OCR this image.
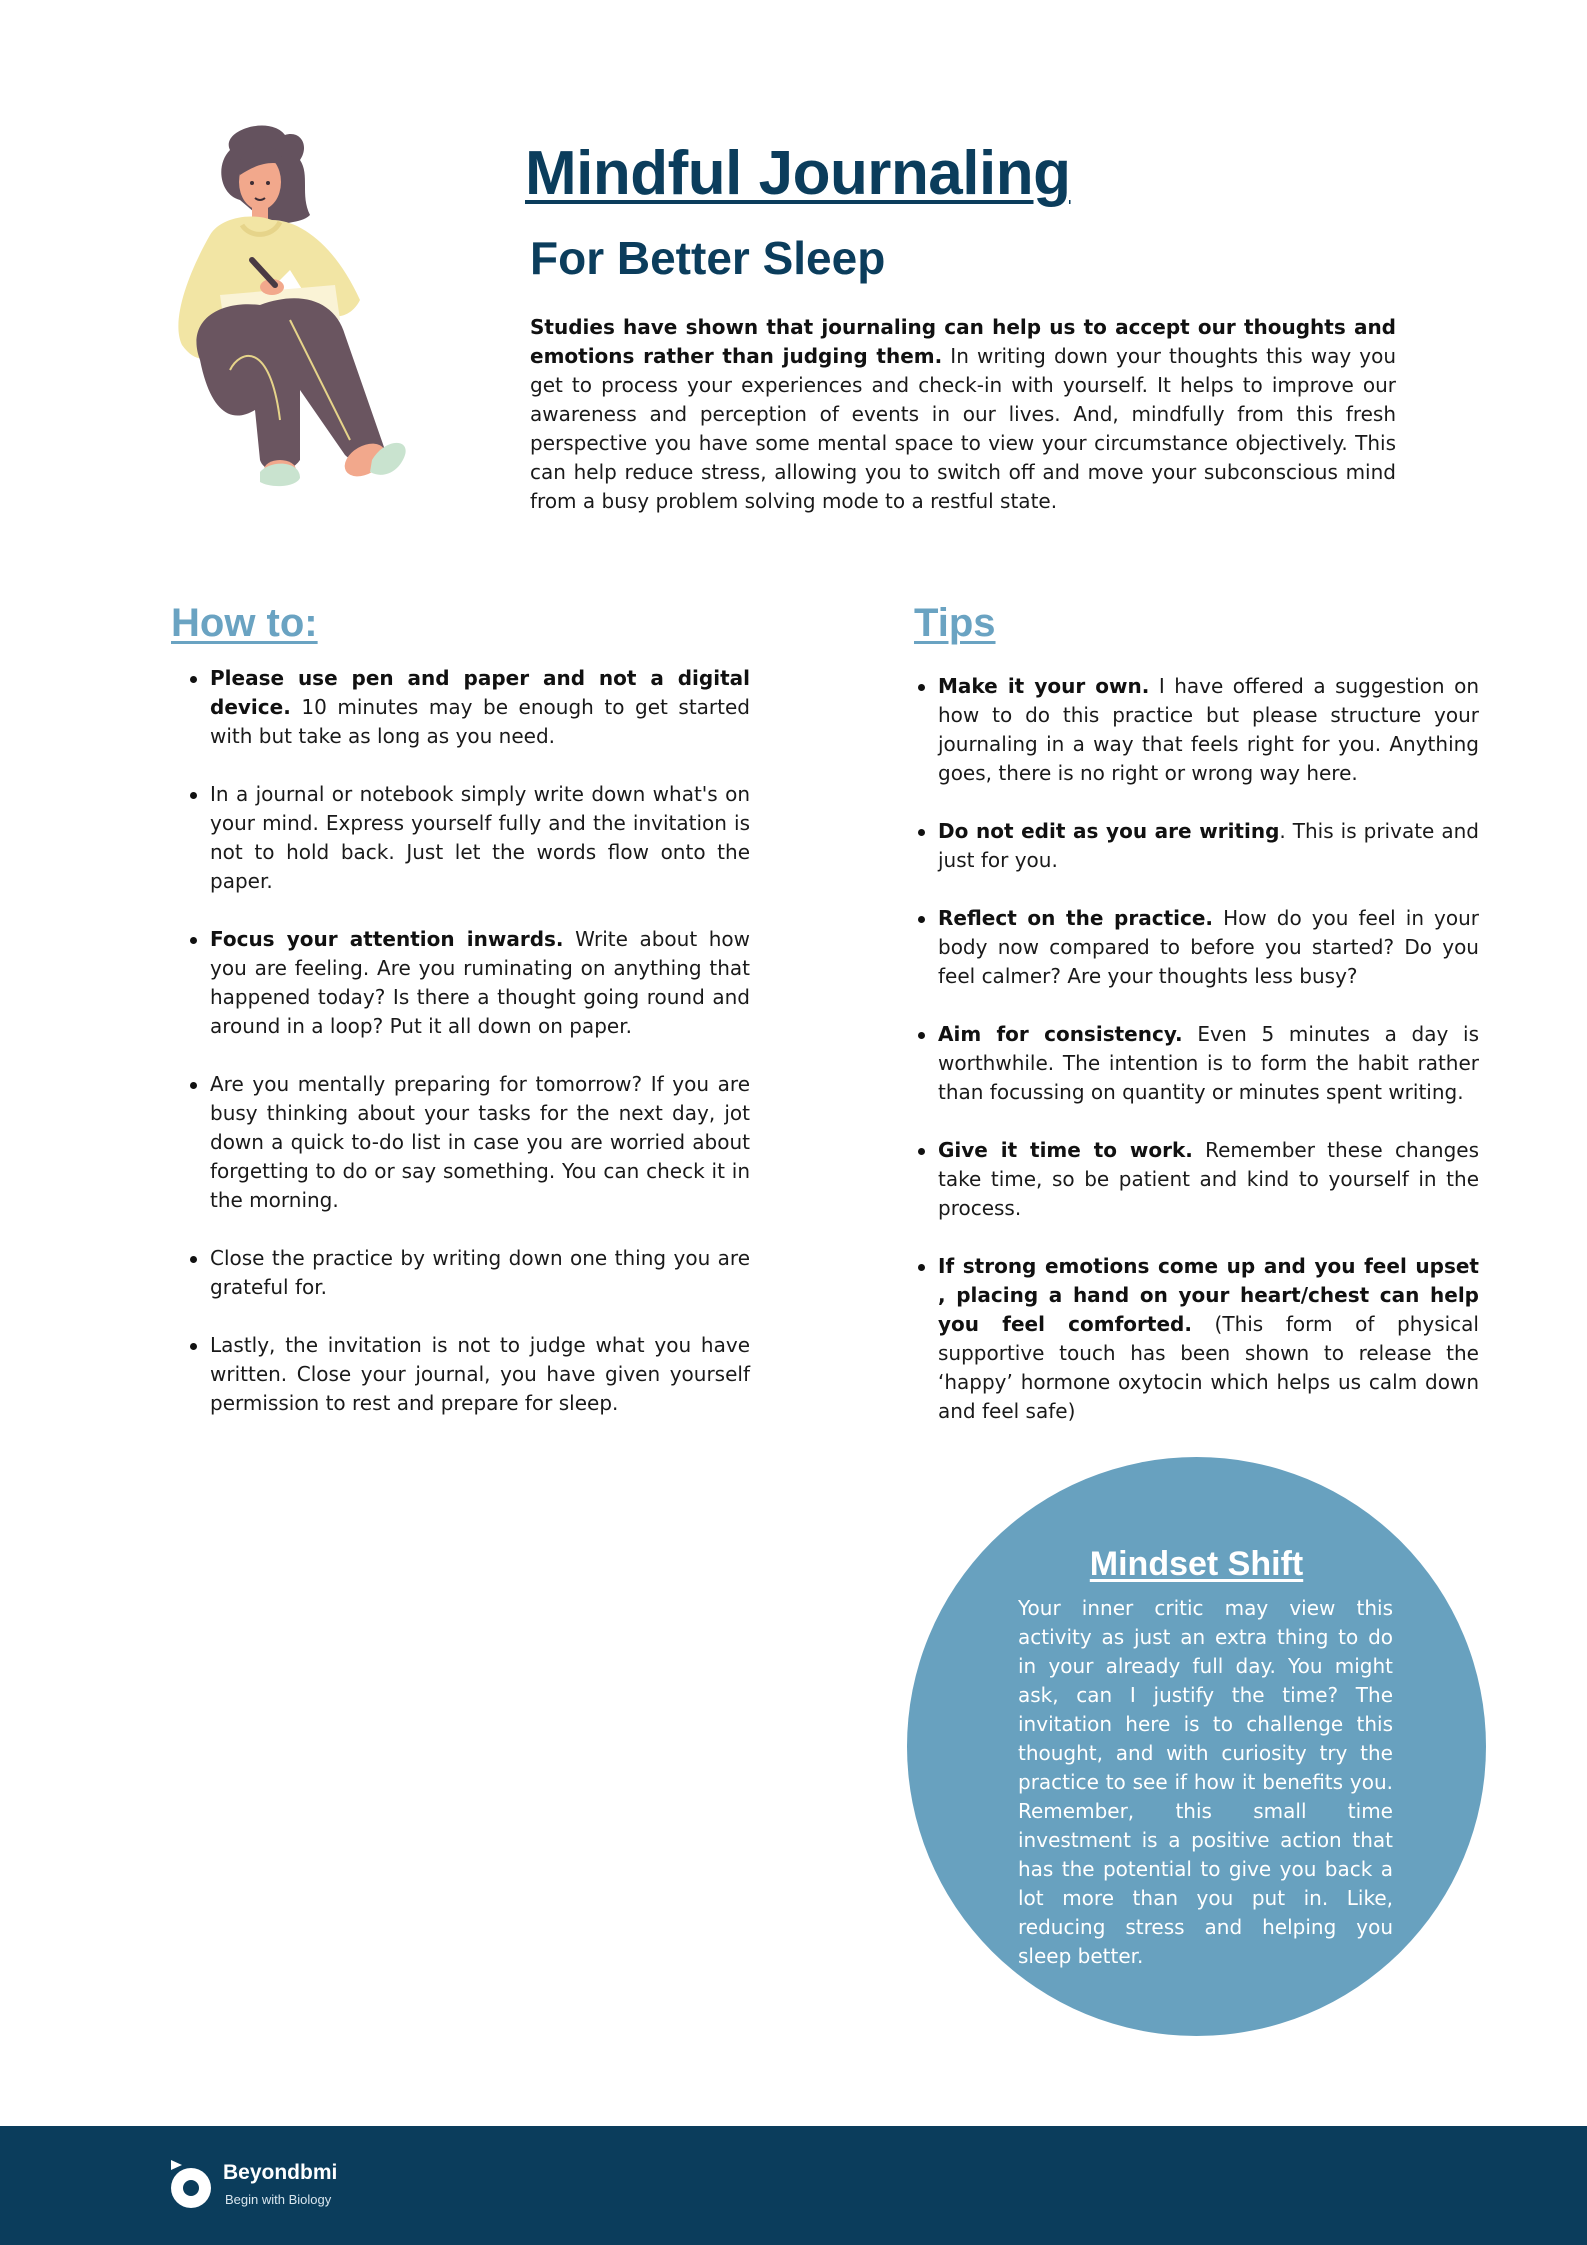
Mindful Journaling
For Better Sleep

Studies have shown that journaling can help us to accept our thoughts and emotions rather than judging them. In writing down your thoughts this way you get to process your experiences and check-in with yourself. It helps to improve our awareness and perception of events in our lives. And, mindfully from this fresh perspective you have some mental space to view your circumstance objectively. This can help reduce stress, allowing you to switch off and move your subconscious mind from a busy problem solving mode to a restful state.

How to:
Please use pen and paper and not a digital device. 10 minutes may be enough to get started with but take as long as you need.
In a journal or notebook simply write down what's on your mind. Express yourself fully and the invitation is not to hold back. Just let the words flow onto the paper.
Focus your attention inwards. Write about how you are feeling. Are you ruminating on anything that happened today? Is there a thought going round and around in a loop? Put it all down on paper.
Are you mentally preparing for tomorrow? If you are busy thinking about your tasks for the next day, jot down a quick to-do list in case you are worried about forgetting to do or say something. You can check it in the morning.
Close the practice by writing down one thing you are grateful for.
Lastly, the invitation is not to judge what you have written. Close your journal, you have given yourself permission to rest and prepare for sleep.
Tips
Make it your own. I have offered a suggestion on how to do this practice but please structure your journaling in a way that feels right for you. Anything goes, there is no right or wrong way here.
Do not edit as you are writing. This is private and just for you.
Reflect on the practice. How do you feel in your body now compared to before you started? Do you feel calmer? Are your thoughts less busy?
Aim for consistency. Even 5 minutes a day is worthwhile. The intention is to form the habit rather than focussing on quantity or minutes spent writing.
Give it time to work. Remember these changes take time, so be patient and kind to yourself in the process.
If strong emotions come up and you feel upset , placing a hand on your heart/chest can help you feel comforted. (This form of physical supportive touch has been shown to release the ‘happy’ hormone oxytocin which helps us calm down and feel safe)
Mindset Shift

Your inner critic may view this activity as just an extra thing to do in your already full day. You might ask, can I justify the time? The invitation here is to challenge this thought, and with curiosity try the practice to see if how it benefits you. Remember, this small time investment is a positive action that has the potential to give you back a lot more than you put in. Like, reducing stress and helping you sleep better.

Beyondbmi

Begin with Biology
